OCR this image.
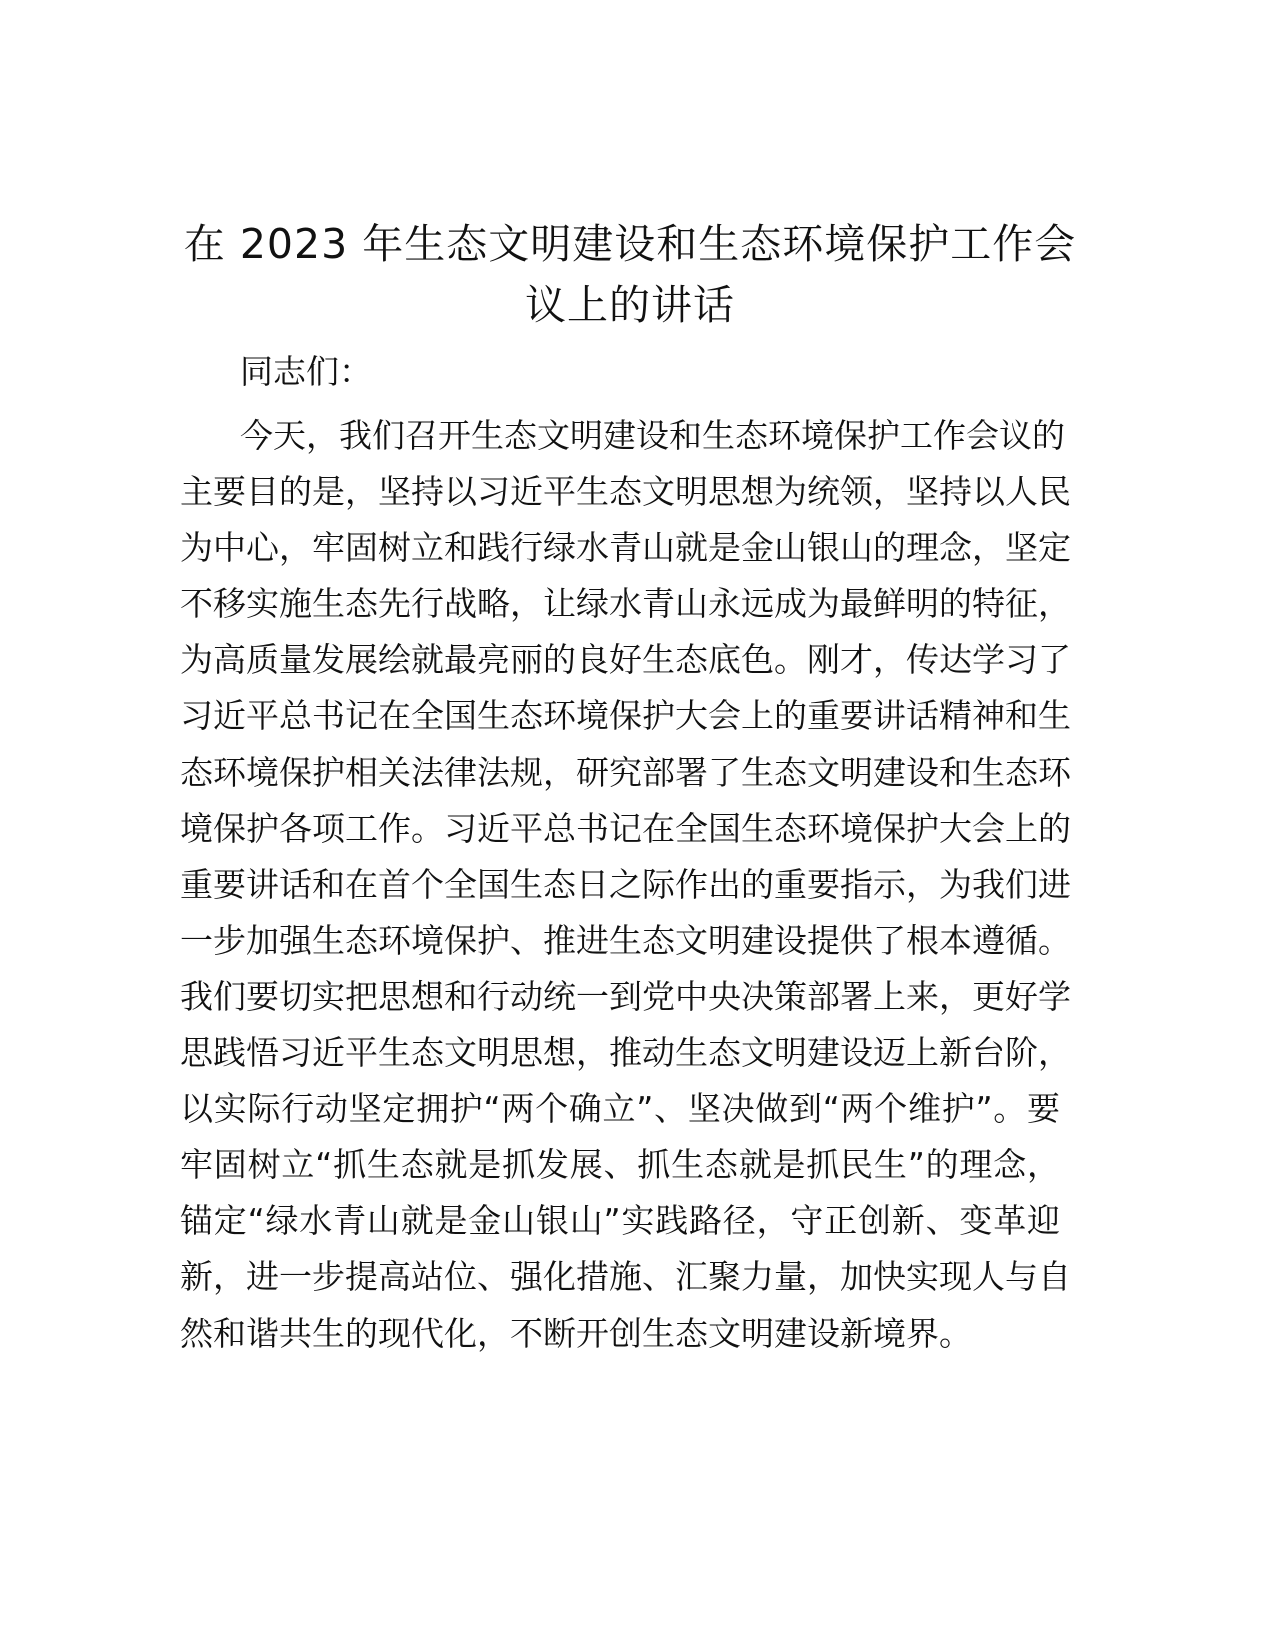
在 2023 年生态文明建设和生态环境保护工作会
议上的讲话

同志们：

今天，我们召开生态文明建设和生态环境保护工作会议的
主要目的是，坚持以习近平生态文明思想为统领，坚持以人民
为中心，牢固树立和践行绿水青山就是金山银山的理念，坚定
不移实施生态先行战略，让绿水青山永远成为最鲜明的特征，
为高质量发展绘就最亮丽的良好生态底色。刚才，传达学习了
习近平总书记在全国生态环境保护大会上的重要讲话精神和生
态环境保护相关法律法规，研究部署了生态文明建设和生态环
境保护各项工作。习近平总书记在全国生态环境保护大会上的
重要讲话和在首个全国生态日之际作出的重要指示，为我们进
一步加强生态环境保护、推进生态文明建设提供了根本遵循。
我们要切实把思想和行动统一到党中央决策部署上来，更好学
思践悟习近平生态文明思想，推动生态文明建设迈上新台阶，
以实际行动坚定拥护“两个确立”、坚决做到“两个维护”。要
牢固树立“抓生态就是抓发展、抓生态就是抓民生”的理念，
锚定“绿水青山就是金山银山”实践路径，守正创新、变革迎
新，进一步提高站位、强化措施、汇聚力量，加快实现人与自
然和谐共生的现代化，不断开创生态文明建设新境界。
